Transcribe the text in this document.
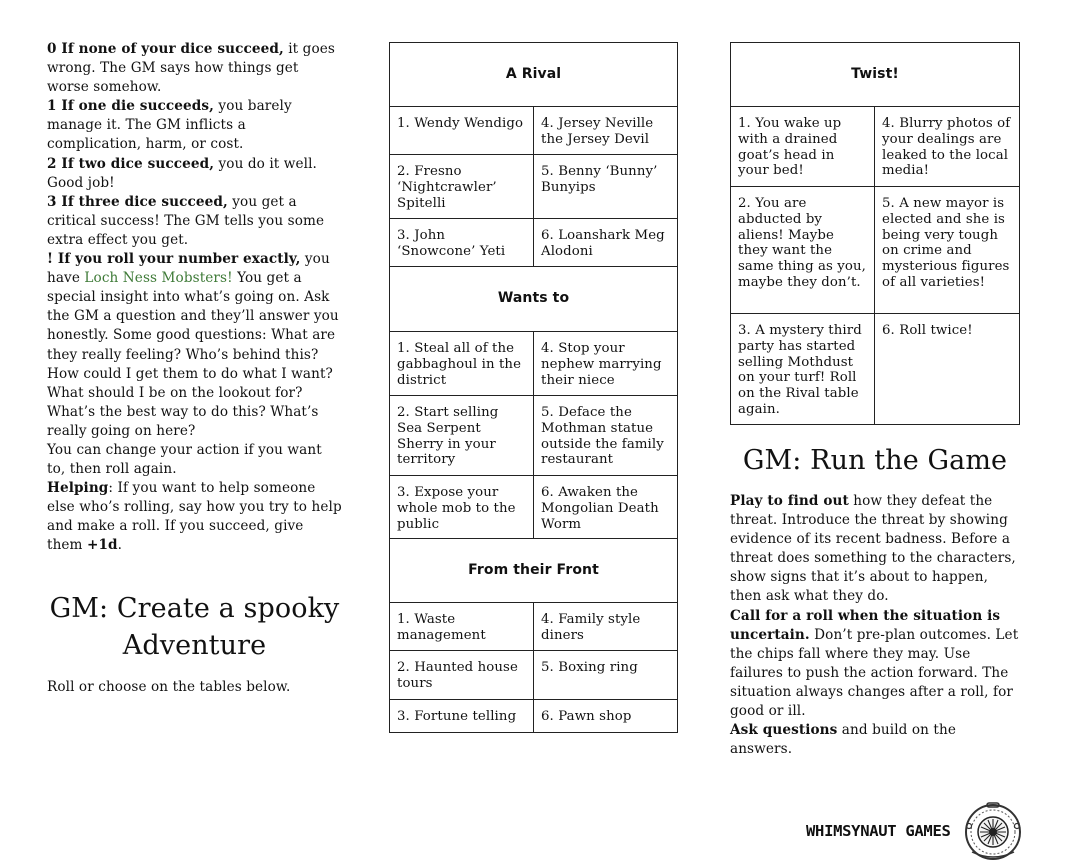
0 If none of your dice succeed, it goes wrong. The GM says how things get worse somehow.

1 If one die succeeds, you barely manage it. The GM inflicts a complication, harm, or cost.

2 If two dice succeed, you do it well. Good job!

3 If three dice succeed, you get a critical success! The GM tells you some extra effect you get.

! If you roll your number exactly, you have Loch Ness Mobsters! You get a special insight into what’s going on. Ask the GM a question and they’ll answer you honestly. Some good questions: What are they really feeling? Who’s behind this? How could I get them to do what I want? What should I be on the lookout for? What’s the best way to do this? What’s really going on here?

You can change your action if you want to, then roll again.

Helping: If you want to help someone else who’s rolling, say how you try to help and make a roll. If you succeed, give them +1d.

GM: Create a spooky Adventure

Roll or choose on the tables below.

A Rival	
1. Wendy Wendigo	4. Jersey Neville the Jersey Devil
2. Fresno ‘Nightcrawler’ Spitelli	5. Benny ‘Bunny’ Bunyips
3. John ‘Snowcone’ Yeti	6. Loanshark Meg Alodoni
Wants to	
1. Steal all of the gabbaghoul in the district	4. Stop your nephew marrying their niece
2. Start selling Sea Serpent Sherry in your territory	5. Deface the Mothman statue outside the family restaurant
3. Expose your whole mob to the public	6. Awaken the Mongolian Death Worm
From their Front	
1. Waste management	4. Family style diners
2. Haunted house tours	5. Boxing ring
3. Fortune telling	6. Pawn shop
Twist!	
1. You wake up with a drained goat’s head in your bed!	4. Blurry photos of your dealings are leaked to the local media!
2. You are abducted by aliens! Maybe they want the same thing as you, maybe they don’t.	5. A new mayor is elected and she is being very tough on crime and mysterious figures of all varieties!
3. A mystery third party has started selling Mothdust on your turf! Roll on the Rival table again.	6. Roll twice!
GM: Run the Game

Play to find out how they defeat the threat. Introduce the threat by showing evidence of its recent badness. Before a threat does something to the characters, show signs that it’s about to happen, then ask what they do.

Call for a roll when the situation is uncertain. Don’t pre-plan outcomes. Let the chips fall where they may. Use failures to push the action forward. The situation always changes after a roll, for good or ill.

Ask questions and build on the answers.

WHIMSYNAUT GAMES
